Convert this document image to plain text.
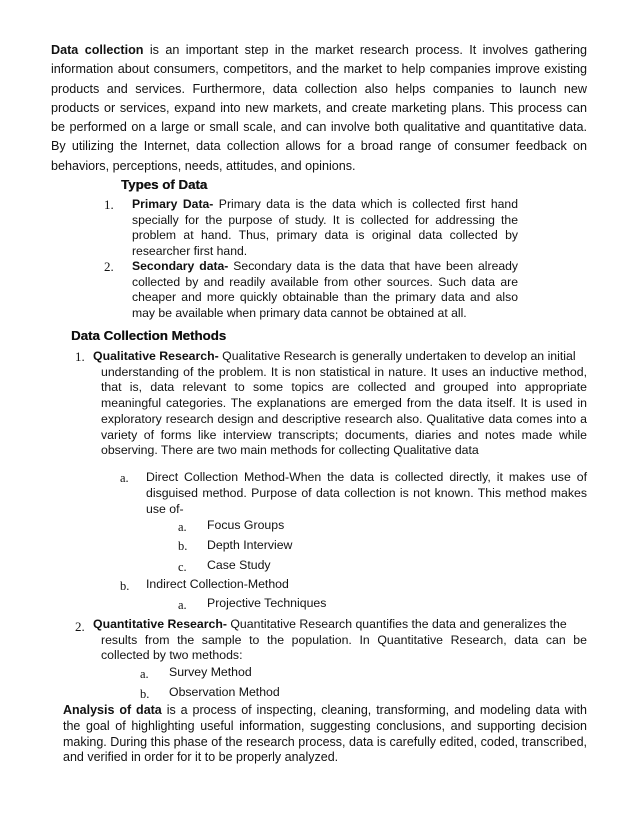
Data collection is an important step in the market research process. It involves gathering information about consumers, competitors, and the market to help companies improve existing products and services. Furthermore, data collection also helps companies to launch new products or services, expand into new markets, and create marketing plans. This process can be performed on a large or small scale, and can involve both qualitative and quantitative data. By utilizing the Internet, data collection allows for a broad range of consumer feedback on behaviors, perceptions, needs, attitudes, and opinions.

Types of Data
1. Primary Data- Primary data is the data which is collected first hand specially for the purpose of study. It is collected for addressing the problem at hand. Thus, primary data is original data collected by researcher first hand.

2. Secondary data- Secondary data is the data that have been already collected by and readily available from other sources. Such data are cheaper and more quickly obtainable than the primary data and also may be available when primary data cannot be obtained at all.

Data Collection Methods
1. Qualitative Research- Qualitative Research is generally undertaken to develop an initial
understanding of the problem. It is non statistical in nature. It uses an inductive method, that is, data relevant to some topics are collected and grouped into appropriate meaningful categories. The explanations are emerged from the data itself. It is used in exploratory research design and descriptive research also. Qualitative data comes into a variety of forms like interview transcripts; documents, diaries and notes made while observing. There are two main methods for collecting Qualitative data
a. Direct Collection Method-When the data is collected directly, it makes use of disguised method. Purpose of data collection is not known. This method makes use of-

a. Focus Groups
b. Depth Interview
c. Case Study
b. Indirect Collection-Method
a. Projective Techniques
2. Quantitative Research- Quantitative Research quantifies the data and generalizes the
results from the sample to the population. In Quantitative Research, data can be collected by two methods:
a. Survey Method
b. Observation Method

Analysis of data is a process of inspecting, cleaning, transforming, and modeling data with the goal of highlighting useful information, suggesting conclusions, and supporting decision making. During this phase of the research process, data is carefully edited, coded, transcribed, and verified in order for it to be properly analyzed.
